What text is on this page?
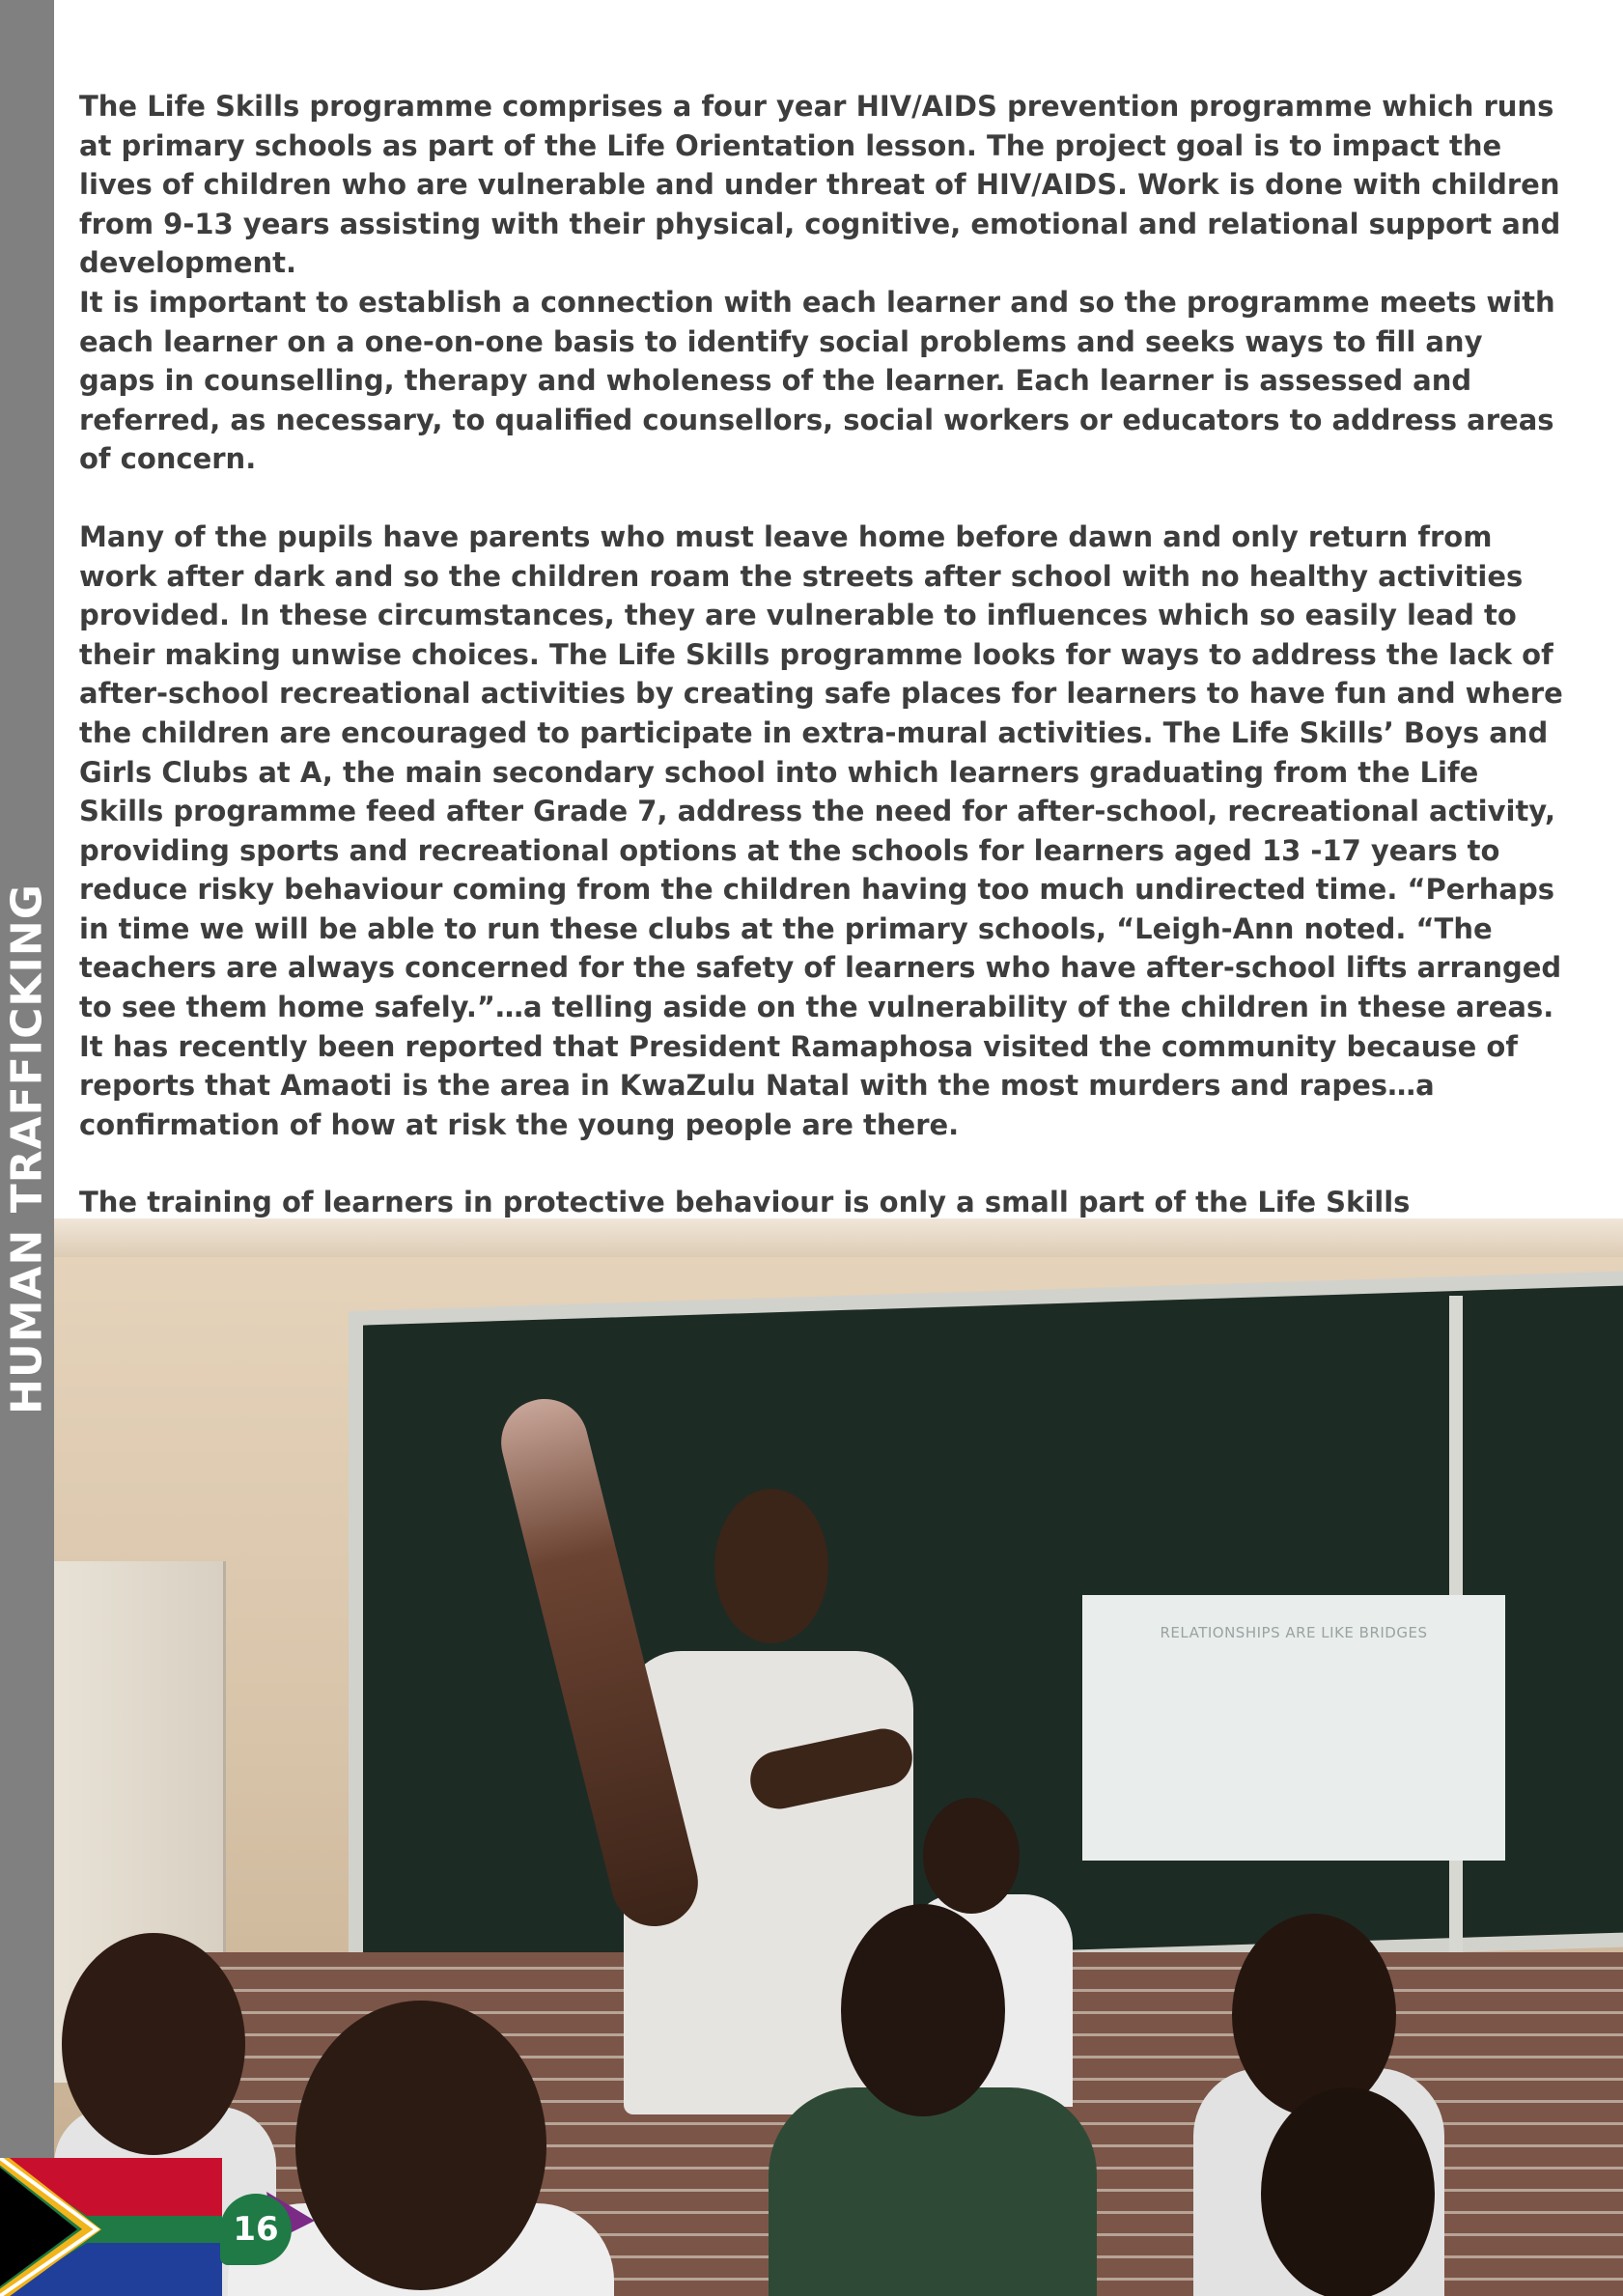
HUMAN TRAFFICKING

The Life Skills programme comprises a four year HIV/AIDS prevention programme which runs at primary schools as part of the Life Orientation lesson. The project goal is to impact the lives of children who are vulnerable and under threat of HIV/AIDS. Work is done with children from 9-13 years assisting with their physical, cognitive, emotional and relational support and development.

It is important to establish a connection with each learner and so the programme meets with each learner on a one-on-one basis to identify social problems and seeks ways to fill any gaps in counselling, therapy and wholeness of the learner. Each learner is assessed and referred, as necessary, to qualified counsellors, social workers or educators to address areas of concern.

Many of the pupils have parents who must leave home before dawn and only return from work after dark and so the children roam the streets after school with no healthy activities provided. In these circumstances, they are vulnerable to influences which so easily lead to their making unwise choices. The Life Skills programme looks for ways to address the lack of after-school recreational activities by creating safe places for learners to have fun and where the children are encouraged to participate in extra-mural activities. The Life Skills’ Boys and Girls Clubs at A, the main secondary school into which learners graduating from the Life Skills programme feed after Grade 7, address the need for after-school, recreational activity, providing sports and recreational options at the schools for learners aged 13 -17 years to reduce risky behaviour coming from the children having too much undirected time. “Perhaps in time we will be able to run these clubs at the primary schools, “Leigh-Ann noted. “The teachers are always concerned for the safety of learners who have after-school lifts arranged to see them home safely.”…a telling aside on the vulnerability of the children in these areas. It has recently been reported that President Ramaphosa visited the community because of reports that Amaoti is the area in KwaZulu Natal with the most murders and rapes…a confirmation of how at risk the young people are there.

The training of learners in protective behaviour is only a small part of the Life Skills

RELATIONSHIPS ARE LIKE BRIDGES
16
